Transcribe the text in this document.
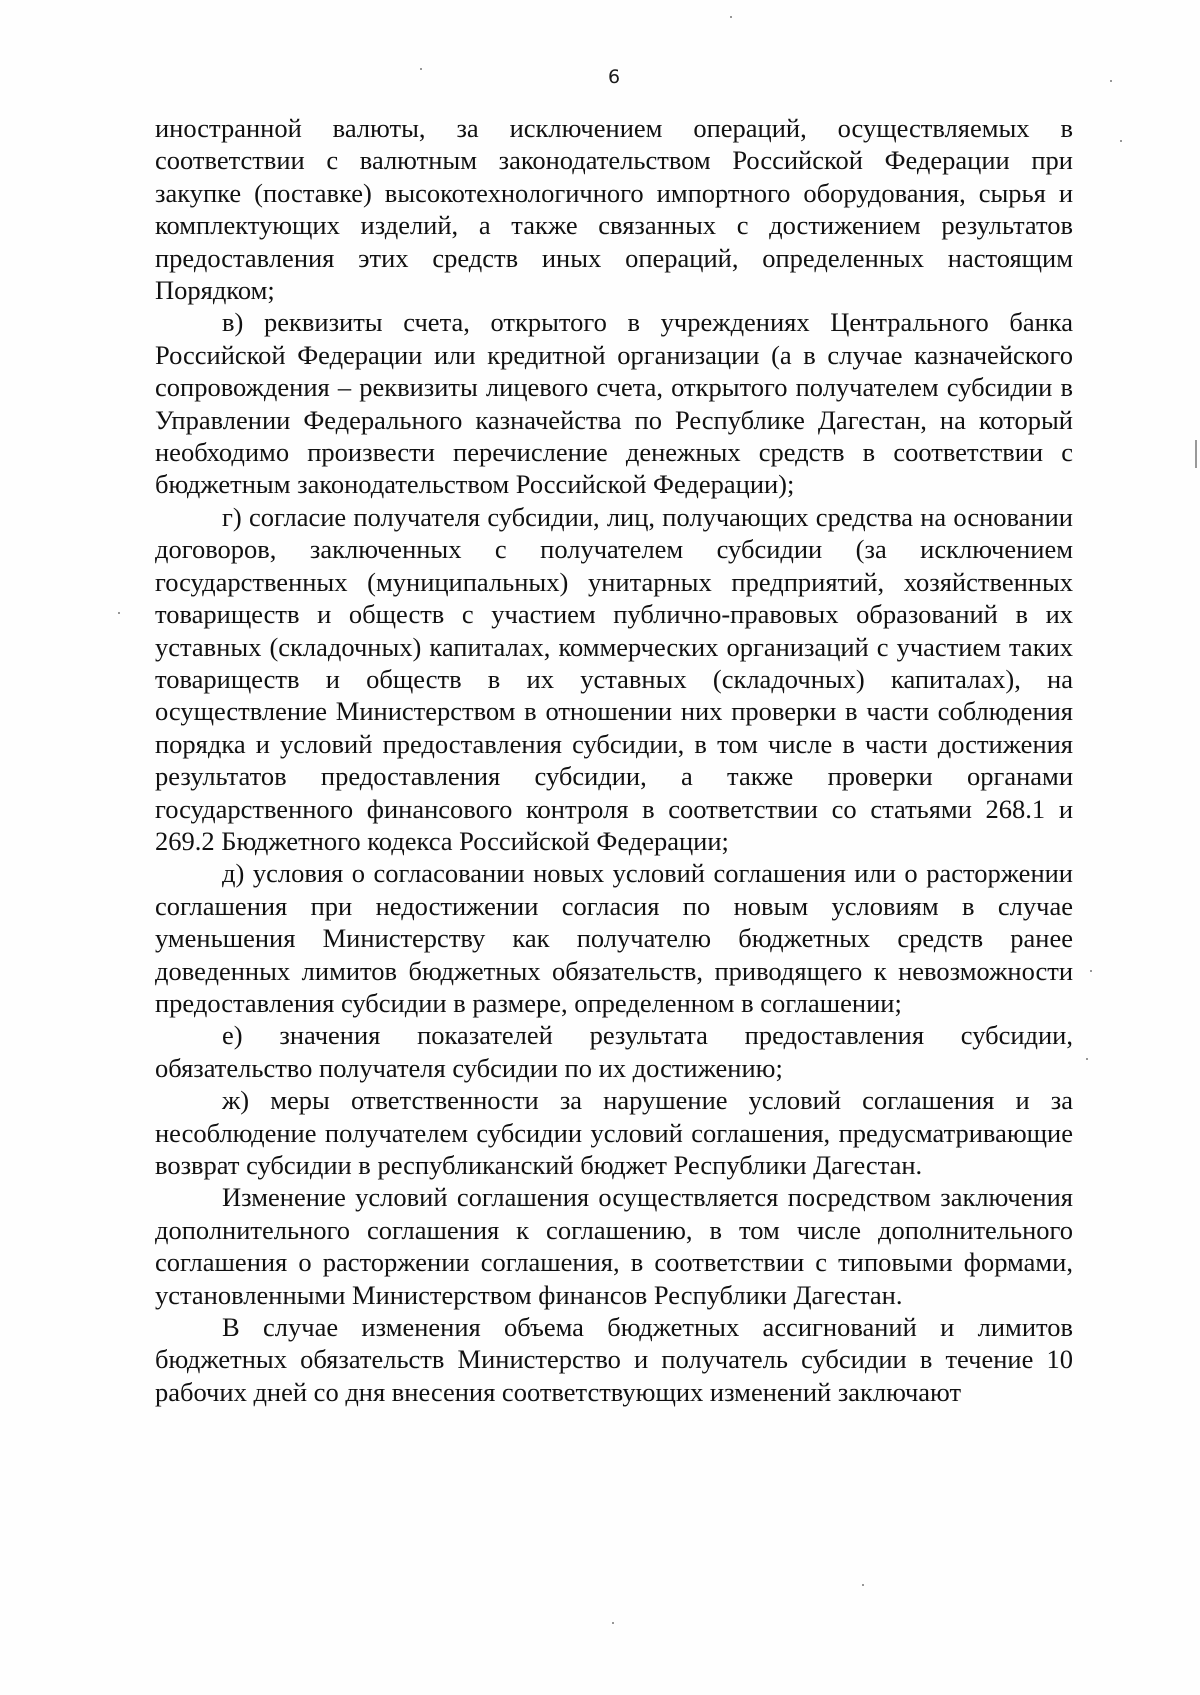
6

иностранной валюты, за исключением операций, осуществляемых в соответствии с валютным законодательством Российской Федерации при закупке (поставке) высокотехнологичного импортного оборудования, сырья и комплектующих изделий, а также связанных с достижением результатов предоставления этих средств иных операций, определенных настоящим Порядком;

в) реквизиты счета, открытого в учреждениях Центрального банка Российской Федерации или кредитной организации (а в случае казначейского сопровождения – реквизиты лицевого счета, открытого получателем субсидии в Управлении Федерального казначейства по Республике Дагестан, на который необходимо произвести перечисление денежных средств в соответствии с бюджетным законодательством Российской Федерации);

г) согласие получателя субсидии, лиц, получающих средства на основании договоров, заключенных с получателем субсидии (за исключением государственных (муниципальных) унитарных предприятий, хозяйственных товариществ и обществ с участием публично-правовых образований в их уставных (складочных) капиталах, коммерческих организаций с участием таких товариществ и обществ в их уставных (складочных) капиталах), на осуществление Министерством в отношении них проверки в части соблюдения порядка и условий предоставления субсидии, в том числе в части достижения результатов предоставления субсидии, а также проверки органами государственного финансового контроля в соответствии со статьями 268.1 и 269.2 Бюджетного кодекса Российской Федерации;

д) условия о согласовании новых условий соглашения или о расторжении соглашения при недостижении согласия по новым условиям в случае уменьшения Министерству как получателю бюджетных средств ранее доведенных лимитов бюджетных обязательств, приводящего к невозможности предоставления субсидии в размере, определенном в соглашении;

е) значения показателей результата предоставления субсидии, обязательство получателя субсидии по их достижению;

ж) меры ответственности за нарушение условий соглашения и за несоблюдение получателем субсидии условий соглашения, предусматривающие возврат субсидии в республиканский бюджет Республики Дагестан.

Изменение условий соглашения осуществляется посредством заключения дополнительного соглашения к соглашению, в том числе дополнительного соглашения о расторжении соглашения, в соответствии с типовыми формами, установленными Министерством финансов Республики Дагестан.

В случае изменения объема бюджетных ассигнований и лимитов бюджетных обязательств Министерство и получатель субсидии в течение 10 рабочих дней со дня внесения соответствующих изменений заключают
